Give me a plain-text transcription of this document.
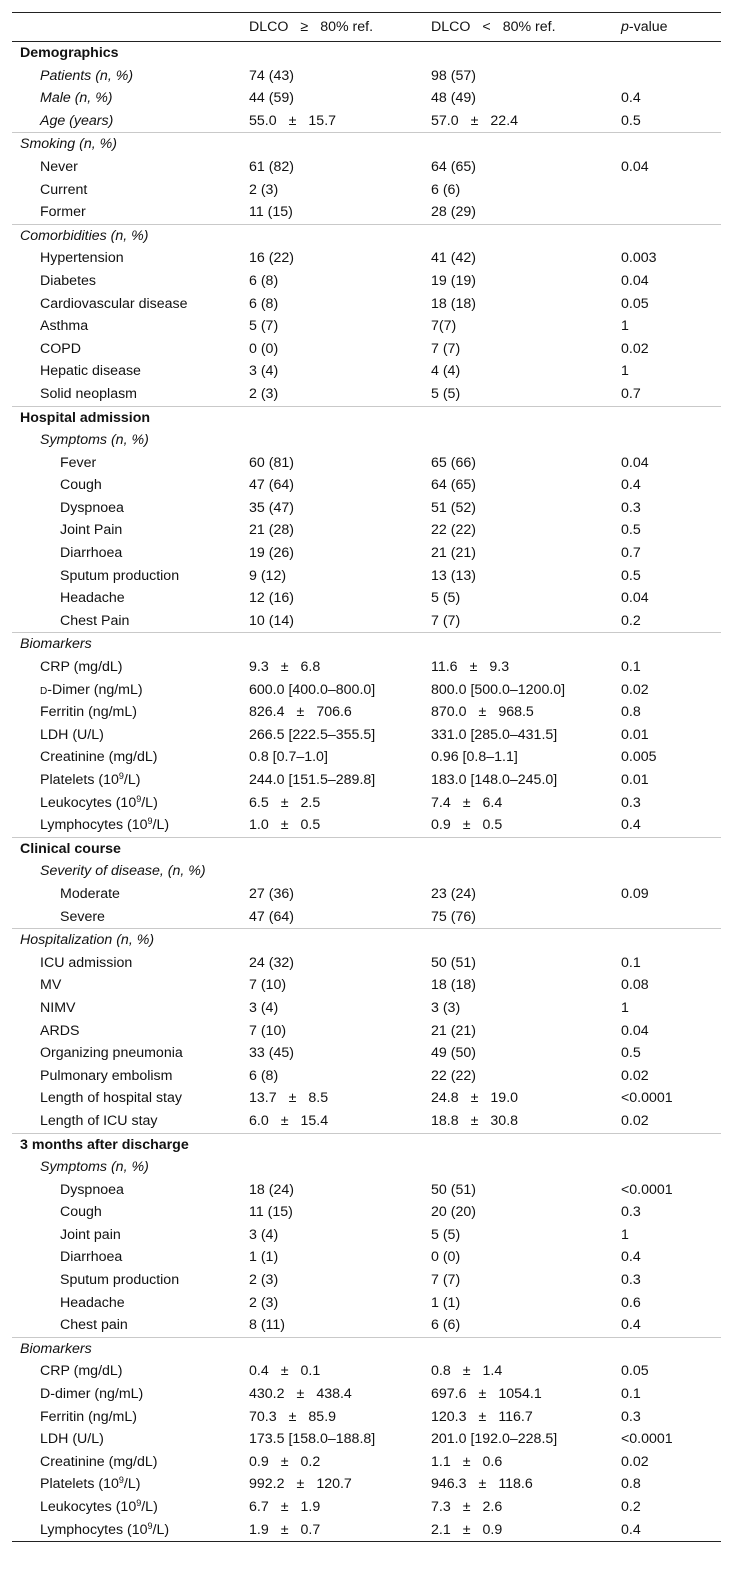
	DLCO ≥ 80% ref.	DLCO < 80% ref.	p-value
Demographics			
Patients (n, %)	74 (43)	98 (57)	
Male (n, %)	44 (59)	48 (49)	0.4
Age (years)	55.0 ± 15.7	57.0 ± 22.4	0.5
Smoking (n, %)			
Never	61 (82)	64 (65)	0.04
Current	2 (3)	6 (6)	
Former	11 (15)	28 (29)	
Comorbidities (n, %)			
Hypertension	16 (22)	41 (42)	0.003
Diabetes	6 (8)	19 (19)	0.04
Cardiovascular disease	6 (8)	18 (18)	0.05
Asthma	5 (7)	7(7)	1
COPD	0 (0)	7 (7)	0.02
Hepatic disease	3 (4)	4 (4)	1
Solid neoplasm	2 (3)	5 (5)	0.7
Hospital admission			
Symptoms (n, %)			
Fever	60 (81)	65 (66)	0.04
Cough	47 (64)	64 (65)	0.4
Dyspnoea	35 (47)	51 (52)	0.3
Joint Pain	21 (28)	22 (22)	0.5
Diarrhoea	19 (26)	21 (21)	0.7
Sputum production	9 (12)	13 (13)	0.5
Headache	12 (16)	5 (5)	0.04
Chest Pain	10 (14)	7 (7)	0.2
Biomarkers			
CRP (mg/dL)	9.3 ± 6.8	11.6 ± 9.3	0.1
d-Dimer (ng/mL)	600.0 [400.0–800.0]	800.0 [500.0–1200.0]	0.02
Ferritin (ng/mL)	826.4 ± 706.6	870.0 ± 968.5	0.8
LDH (U/L)	266.5 [222.5–355.5]	331.0 [285.0–431.5]	0.01
Creatinine (mg/dL)	0.8 [0.7–1.0]	0.96 [0.8–1.1]	0.005
Platelets $(10^9/L)$	244.0 [151.5–289.8]	183.0 [148.0–245.0]	0.01
Leukocytes $(10^9/L)$	6.5 ± 2.5	7.4 ± 6.4	0.3
Lymphocytes $(10^9/L)$	1.0 ± 0.5	0.9 ± 0.5	0.4
Clinical course			
Severity of disease, (n, %)			
Moderate	27 (36)	23 (24)	0.09
Severe	47 (64)	75 (76)	
Hospitalization (n, %)			
ICU admission	24 (32)	50 (51)	0.1
MV	7 (10)	18 (18)	0.08
NIMV	3 (4)	3 (3)	1
ARDS	7 (10)	21 (21)	0.04
Organizing pneumonia	33 (45)	49 (50)	0.5
Pulmonary embolism	6 (8)	22 (22)	0.02
Length of hospital stay	13.7 ± 8.5	24.8 ± 19.0	<0.0001
Length of ICU stay	6.0 ± 15.4	18.8 ± 30.8	0.02
3 months after discharge			
Symptoms (n, %)			
Dyspnoea	18 (24)	50 (51)	<0.0001
Cough	11 (15)	20 (20)	0.3
Joint pain	3 (4)	5 (5)	1
Diarrhoea	1 (1)	0 (0)	0.4
Sputum production	2 (3)	7 (7)	0.3
Headache	2 (3)	1 (1)	0.6
Chest pain	8 (11)	6 (6)	0.4
Biomarkers			
CRP (mg/dL)	0.4 ± 0.1	0.8 ± 1.4	0.05
D-dimer (ng/mL)	430.2 ± 438.4	697.6 ± 1054.1	0.1
Ferritin (ng/mL)	70.3 ± 85.9	120.3 ± 116.7	0.3
LDH (U/L)	173.5 [158.0–188.8]	201.0 [192.0–228.5]	<0.0001
Creatinine (mg/dL)	0.9 ± 0.2	1.1 ± 0.6	0.02
Platelets $(10^9/L)$	992.2 ± 120.7	946.3 ± 118.6	0.8
Leukocytes $(10^9/L)$	6.7 ± 1.9	7.3 ± 2.6	0.2
Lymphocytes $(10^9/L)$	1.9 ± 0.7	2.1 ± 0.9	0.4
